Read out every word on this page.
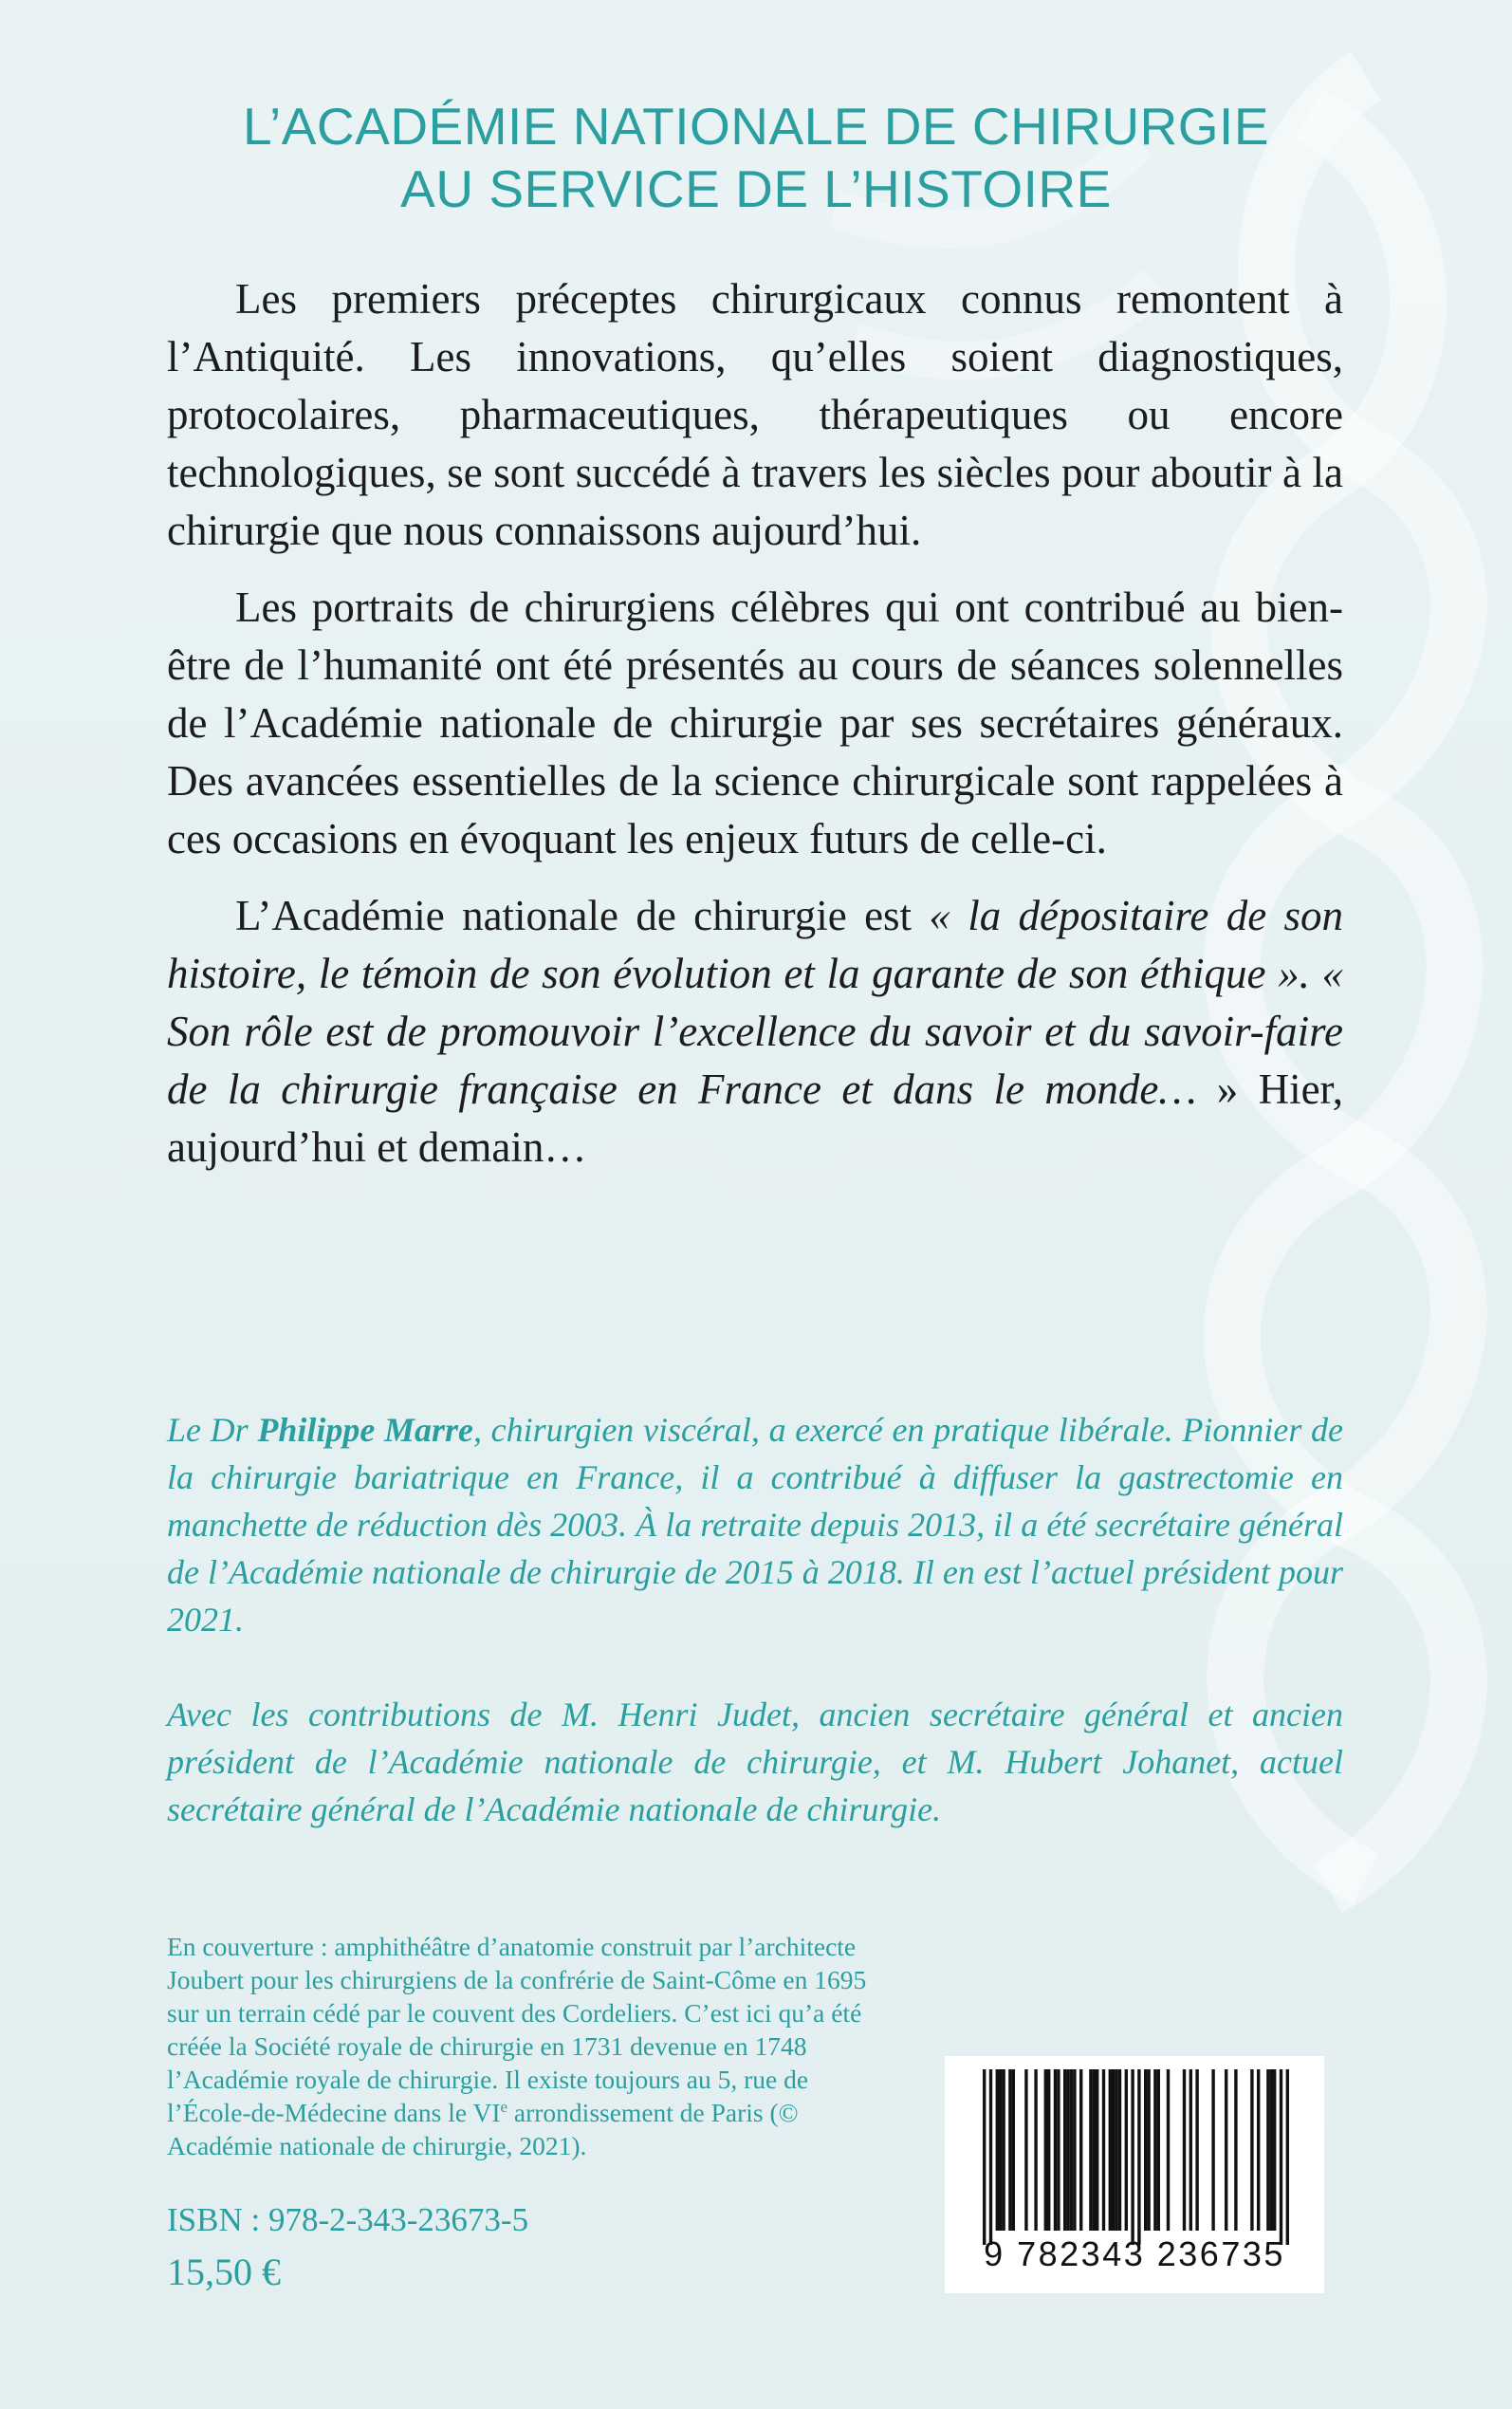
L’ACADÉMIE NATIONALE DE CHIRURGIE
AU SERVICE DE L’HISTOIRE

Les premiers préceptes chirurgicaux connus remontent à l’Antiquité. Les innovations, qu’elles soient diagnostiques, protocolaires, pharmaceutiques, thérapeutiques ou encore technologiques, se sont succédé à travers les siècles pour aboutir à la chirurgie que nous connaissons aujourd’hui.

Les portraits de chirurgiens célèbres qui ont contribué au bien-être de l’humanité ont été présentés au cours de séances solennelles de l’Académie nationale de chirurgie par ses secrétaires généraux. Des avancées essentielles de la science chirurgicale sont rappelées à ces occasions en évoquant les enjeux futurs de celle-ci.

L’Académie nationale de chirurgie est « la dépositaire de son histoire, le témoin de son évolution et la garante de son éthique ». « Son rôle est de promouvoir l’excellence du savoir et du savoir-faire de la chirurgie française en France et dans le monde… » Hier, aujourd’hui et demain…

Le Dr Philippe Marre, chirurgien viscéral, a exercé en pratique libérale. Pionnier de la chirurgie bariatrique en France, il a contribué à diffuser la gastrectomie en manchette de réduction dès 2003. À la retraite depuis 2013, il a été secrétaire général de l’Académie nationale de chirurgie de 2015 à 2018. Il en est l’actuel président pour 2021.

Avec les contributions de M. Henri Judet, ancien secrétaire général et ancien président de l’Académie nationale de chirurgie, et M. Hubert Johanet, actuel secrétaire général de l’Académie nationale de chirurgie.

En couverture : amphithéâtre d’anatomie construit par l’architecte Joubert pour les chirurgiens de la confrérie de Saint-Côme en 1695 sur un terrain cédé par le couvent des Cordeliers. C’est ici qu’a été créée la Société royale de chirurgie en 1731 devenue en 1748 l’Académie royale de chirurgie. Il existe toujours au 5, rue de l’École-de-Médecine dans le VIe arrondissement de Paris (© Académie nationale de chirurgie, 2021).
ISBN : 978-2-343-23673-5
15,50 €	9 782343 236735
